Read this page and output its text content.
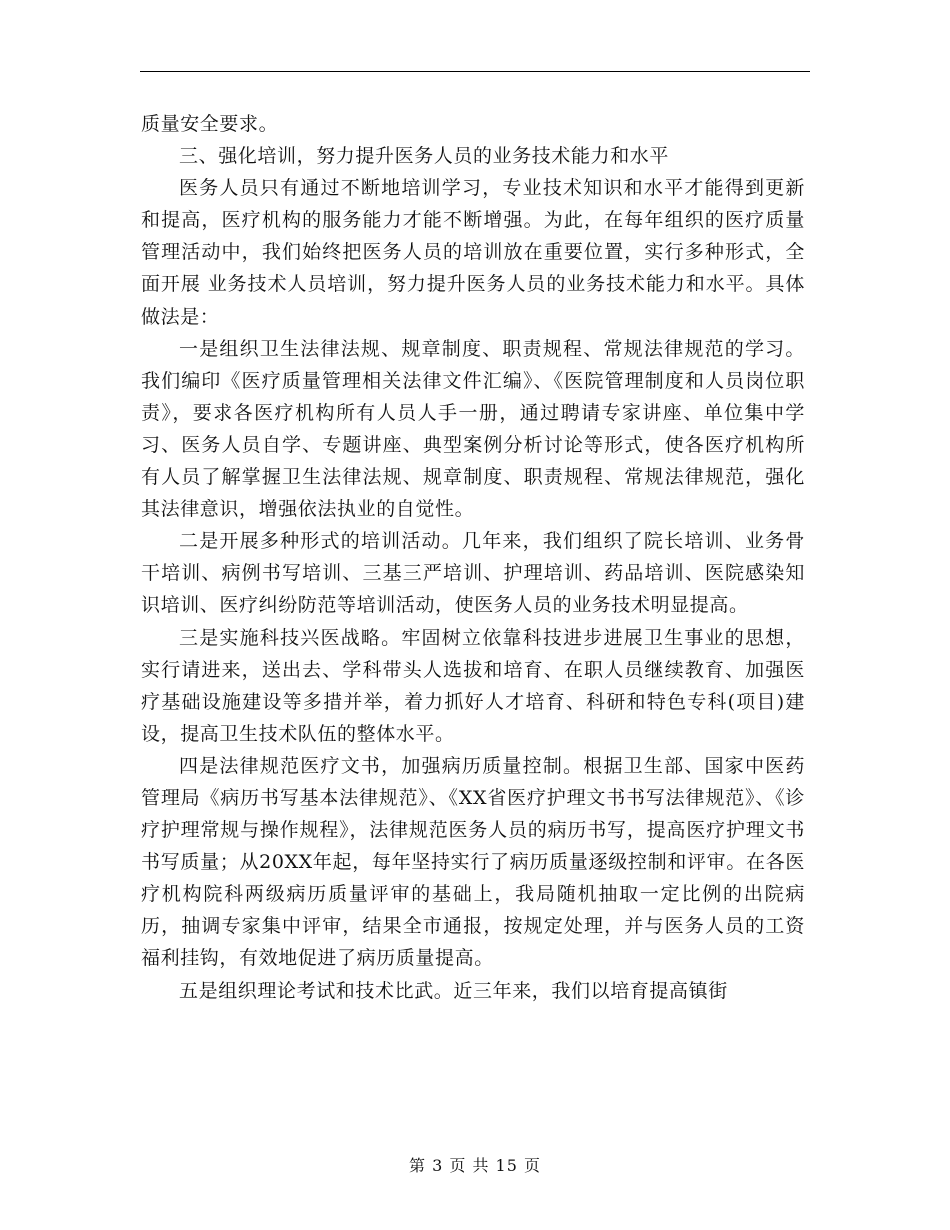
质量安全要求。

三、强化培训，努力提升医务人员的业务技术能力和水平

医务人员只有通过不断地培训学习，专业技术知识和水平才能得到更新和提高，医疗机构的服务能力才能不断增强。为此，在每年组织的医疗质量管理活动中，我们始终把医务人员的培训放在重要位置，实行多种形式，全面开展 业务技术人员培训，努力提升医务人员的业务技术能力和水平。具体做法是：

一是组织卫生法律法规、规章制度、职责规程、常规法律规范的学习。我们编印《医疗质量管理相关法律文件汇编》、《医院管理制度和人员岗位职责》，要求各医疗机构所有人员人手一册，通过聘请专家讲座、单位集中学习、医务人员自学、专题讲座、典型案例分析讨论等形式，使各医疗机构所有人员了解掌握卫生法律法规、规章制度、职责规程、常规法律规范，强化其法律意识，增强依法执业的自觉性。

二是开展多种形式的培训活动。几年来，我们组织了院长培训、业务骨干培训、病例书写培训、三基三严培训、护理培训、药品培训、医院感染知识培训、医疗纠纷防范等培训活动，使医务人员的业务技术明显提高。

三是实施科技兴医战略。牢固树立依靠科技进步进展卫生事业的思想，实行请进来，送出去、学科带头人选拔和培育、在职人员继续教育、加强医疗基础设施建设等多措并举，着力抓好人才培育、科研和特色专科(项目)建设，提高卫生技术队伍的整体水平。

四是法律规范医疗文书，加强病历质量控制。根据卫生部、国家中医药管理局《病历书写基本法律规范》、《XX省医疗护理文书书写法律规范》、《诊疗护理常规与操作规程》，法律规范医务人员的病历书写，提高医疗护理文书书写质量；从20XX年起，每年坚持实行了病历质量逐级控制和评审。在各医疗机构院科两级病历质量评审的基础上，我局随机抽取一定比例的出院病历，抽调专家集中评审，结果全市通报，按规定处理，并与医务人员的工资福利挂钩，有效地促进了病历质量提高。

五是组织理论考试和技术比武。近三年来，我们以培育提高镇街

第 3 页 共 15 页
